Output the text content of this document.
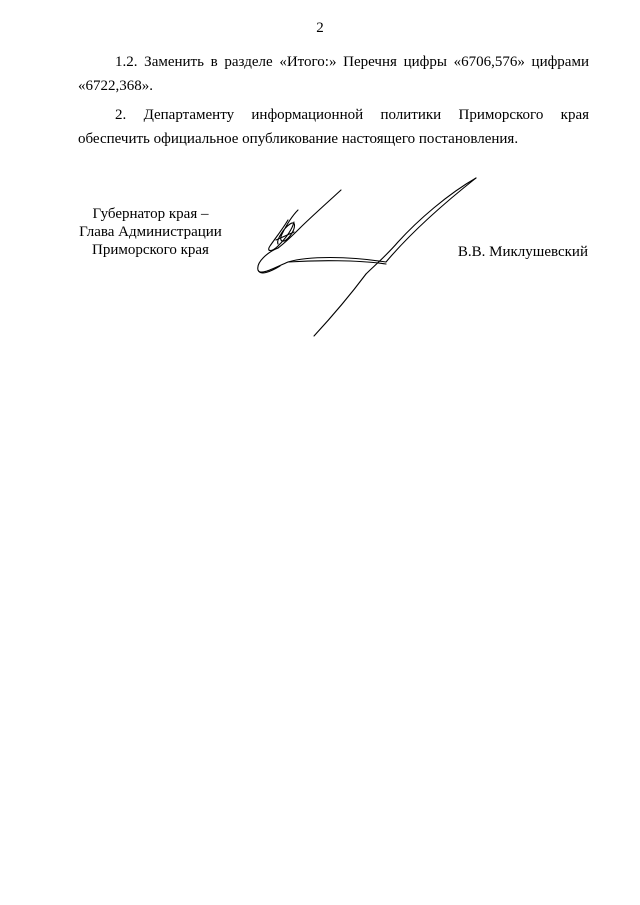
2

1.2. Заменить в разделе «Итого:» Перечня цифры «6706,576» цифрами «6722,368».

2. Департаменту информационной политики Приморского края обеспечить официальное опубликование настоящего постановления.

Губернатор края –
Глава Администрации
Приморского края	В.В. Миклушевский
